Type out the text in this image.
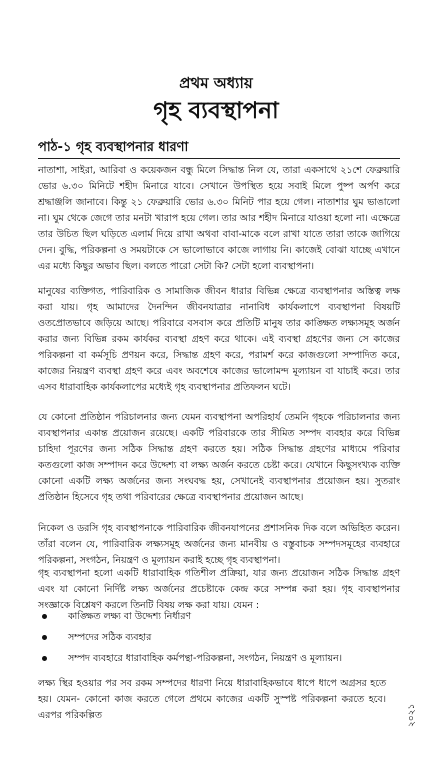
প্রথম অধ্যায়
গৃহ ব্যবস্থাপনা
পাঠ-১ গৃহ ব্যবস্থাপনার ধারণা

নাতাশা, সাইরা, আরিবা ও কয়েকজন বন্ধু মিলে সিদ্ধান্ত নিল যে, তারা একসাথে ২১শে ফেব্রুয়ারি ভোর ৬.৩০ মিনিটে শহীদ মিনারে যাবে। সেখানে উপস্থিত হয়ে সবাই মিলে পুষ্প অর্পণ করে শ্রদ্ধাঞ্জলি জানাবে। কিন্তু ২১ ফেব্রুয়ারি ভোর ৬.৩০ মিনিট পার হয়ে গেল। নাতাশার ঘুম ভাঙালো না। ঘুম থেকে জেগে তার মনটা খারাপ হয়ে গেল। তার আর শহীদ মিনারে যাওয়া হলো না। এক্ষেত্রে তার উচিত ছিল ঘড়িতে এলার্ম দিয়ে রাখা অথবা বাবা-মাকে বলে রাখা যাতে তারা তাকে জাগিয়ে দেন। বুদ্ধি, পরিকল্পনা ও সময়টাকে সে ভালোভাবে কাজে লাগায় নি। কাজেই বোঝা যাচ্ছে এখানে এর মধ্যে কিছুর অভাব ছিল। বলতে পারো সেটা কি? সেটা হলো ব্যবস্থাপনা।

মানুষের ব্যক্তিগত, পারিবারিক ও সামাজিক জীবন ধারার বিভিন্ন ক্ষেত্রে ব্যবস্থাপনার অস্তিত্ব লক্ষ করা যায়। গৃহ আমাদের দৈনন্দিন জীবনযাত্রার নানাবিধ কার্যকলাপে ব্যবস্থাপনা বিষয়টি ওতপ্রোতভাবে জড়িয়ে আছে। পরিবারে বসবাস করে প্রতিটি মানুষ তার কাঙ্ক্ষিত লক্ষ্যসমূহ অর্জন করার জন্য বিভিন্ন রকম কার্যকর ব্যবস্থা গ্রহণ করে থাকে। এই ব্যবস্থা গ্রহণের জন্য সে কাজের পরিকল্পনা বা কর্মসূচি প্রণয়ন করে, সিদ্ধান্ত গ্রহণ করে, পরামর্শ করে কাজগুলো সম্পাদিত করে, কাজের নিয়ন্ত্রণ ব্যবস্থা গ্রহণ করে এবং অবশেষে কাজের ভালোমন্দ মূল্যায়ন বা যাচাই করে। তার এসব ধারাবাহিক কার্যকলাপের মধ্যেই গৃহ ব্যবস্থাপনার প্রতিফলন ঘটে।

যে কোনো প্রতিষ্ঠান পরিচালনার জন্য যেমন ব্যবস্থাপনা অপরিহার্য তেমনি গৃহকে পরিচালনার জন্য ব্যবস্থাপনার একান্ত প্রয়োজন রয়েছে। একটি পরিবারকে তার সীমিত সম্পদ ব্যবহার করে বিভিন্ন চাহিদা পূরণের জন্য সঠিক সিদ্ধান্ত গ্রহণ করতে হয়। সঠিক সিদ্ধান্ত গ্রহণের মাধ্যমে পরিবার কতগুলো কাজ সম্পাদন করে উদ্দেশ্য বা লক্ষ্য অর্জন করতে চেষ্টা করে। যেখানে কিছুসংখ্যক ব্যক্তি কোনো একটি লক্ষ্য অর্জনের জন্য সংঘবদ্ধ হয়, সেখানেই ব্যবস্থাপনার প্রয়োজন হয়। সুতরাং প্রতিষ্ঠান হিসেবে গৃহ তথা পরিবারের ক্ষেত্রে ব্যবস্থাপনার প্রয়োজন আছে।

নিকেল ও ডরসি গৃহ ব্যবস্থাপনাকে পারিবারিক জীবনযাপনের প্রশাসনিক দিক বলে অভিহিত করেন। তাঁরা বলেন যে, পারিবারিক লক্ষ্যসমূহ অর্জনের জন্য মানবীয় ও বস্তুবাচক সম্পদসমূহের ব্যবহারে পরিকল্পনা, সংগঠন, নিয়ন্ত্রণ ও মূল্যায়ন করাই হচ্ছে গৃহ ব্যবস্থাপনা।

গৃহ ব্যবস্থাপনা হলো একটি ধারাবাহিক গতিশীল প্রক্রিয়া, যার জন্য প্রয়োজন সঠিক সিদ্ধান্ত গ্রহণ এবং যা কোনো নির্দিষ্ট লক্ষ্য অর্জনের প্রচেষ্টাকে কেন্দ্র করে সম্পন্ন করা হয়। গৃহ ব্যবস্থাপনার সংজ্ঞাকে বিশ্লেষণ করলে তিনটি বিষয় লক্ষ করা যায়। যেমন :

কাঙ্ক্ষিত লক্ষ্য বা উদ্দেশ্য নির্ধারণ
সম্পদের সঠিক ব্যবহার
সম্পদ ব্যবহারে ধারাবাহিক কর্মপন্থা-পরিকল্পনা, সংগঠন, নিয়ন্ত্রণ ও মূল্যায়ন।

লক্ষ্য স্থির হওয়ার পর সব রকম সম্পদের ধারণা নিয়ে ধারাবাহিকভাবে ধাপে ধাপে অগ্রসর হতে হয়। যেমন- কোনো কাজ করতে গেলে প্রথমে কাজের একটি সুস্পষ্ট পরিকল্পনা করতে হবে। এরপর পরিকল্পিত	২০২১
